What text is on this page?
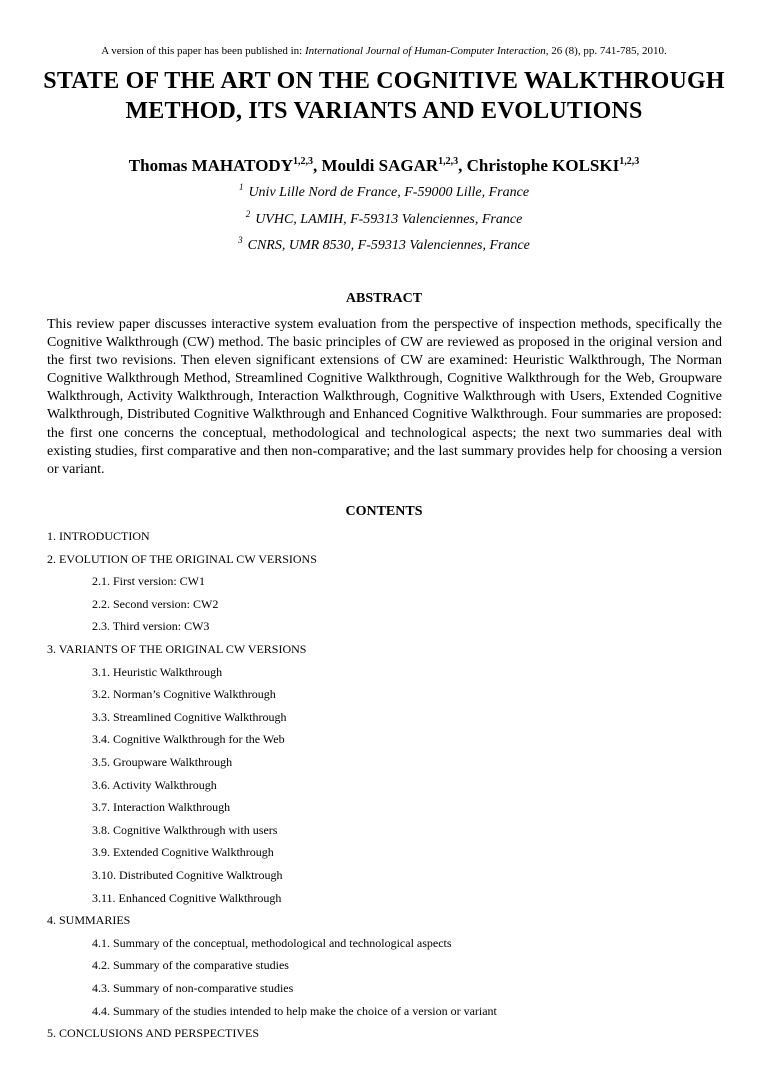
A version of this paper has been published in: International Journal of Human-Computer Interaction, 26 (8), pp. 741-785, 2010.
STATE OF THE ART ON THE COGNITIVE WALKTHROUGH
METHOD, ITS VARIANTS AND EVOLUTIONS
Thomas MAHATODY$^{1,2,3}$, Mouldi SAGAR$^{1,2,3}$, Christophe KOLSKI$^{1,2,3}$
$^1$ Univ Lille Nord de France, F-59000 Lille, France
$^2$ UVHC, LAMIH, F-59313 Valenciennes, France
$^3$ CNRS, UMR 8530, F-59313 Valenciennes, France
ABSTRACT

This review paper discusses interactive system evaluation from the perspective of inspection methods, specifically the Cognitive Walkthrough (CW) method. The basic principles of CW are reviewed as proposed in the original version and the first two revisions. Then eleven significant extensions of CW are examined: Heuristic Walkthrough, The Norman Cognitive Walkthrough Method, Streamlined Cognitive Walkthrough, Cognitive Walkthrough for the Web, Groupware Walkthrough, Activity Walkthrough, Interaction Walkthrough, Cognitive Walkthrough with Users, Extended Cognitive Walkthrough, Distributed Cognitive Walkthrough and Enhanced Cognitive Walkthrough. Four summaries are proposed: the first one concerns the conceptual, methodological and technological aspects; the next two summaries deal with existing studies, first comparative and then non-comparative; and the last summary provides help for choosing a version or variant.

CONTENTS
1. INTRODUCTION
2. EVOLUTION OF THE ORIGINAL CW VERSIONS
2.1. First version: CW1
2.2. Second version: CW2
2.3. Third version: CW3
3. VARIANTS OF THE ORIGINAL CW VERSIONS
3.1. Heuristic Walkthrough
3.2. Norman’s Cognitive Walkthrough
3.3. Streamlined Cognitive Walkthrough
3.4. Cognitive Walkthrough for the Web
3.5. Groupware Walkthrough
3.6. Activity Walkthrough
3.7. Interaction Walkthrough
3.8. Cognitive Walkthrough with users
3.9. Extended Cognitive Walkthrough
3.10. Distributed Cognitive Walktrough
3.11. Enhanced Cognitive Walkthrough
4. SUMMARIES
4.1. Summary of the conceptual, methodological and technological aspects
4.2. Summary of the comparative studies
4.3. Summary of non-comparative studies
4.4. Summary of the studies intended to help make the choice of a version or variant
5. CONCLUSIONS AND PERSPECTIVES
